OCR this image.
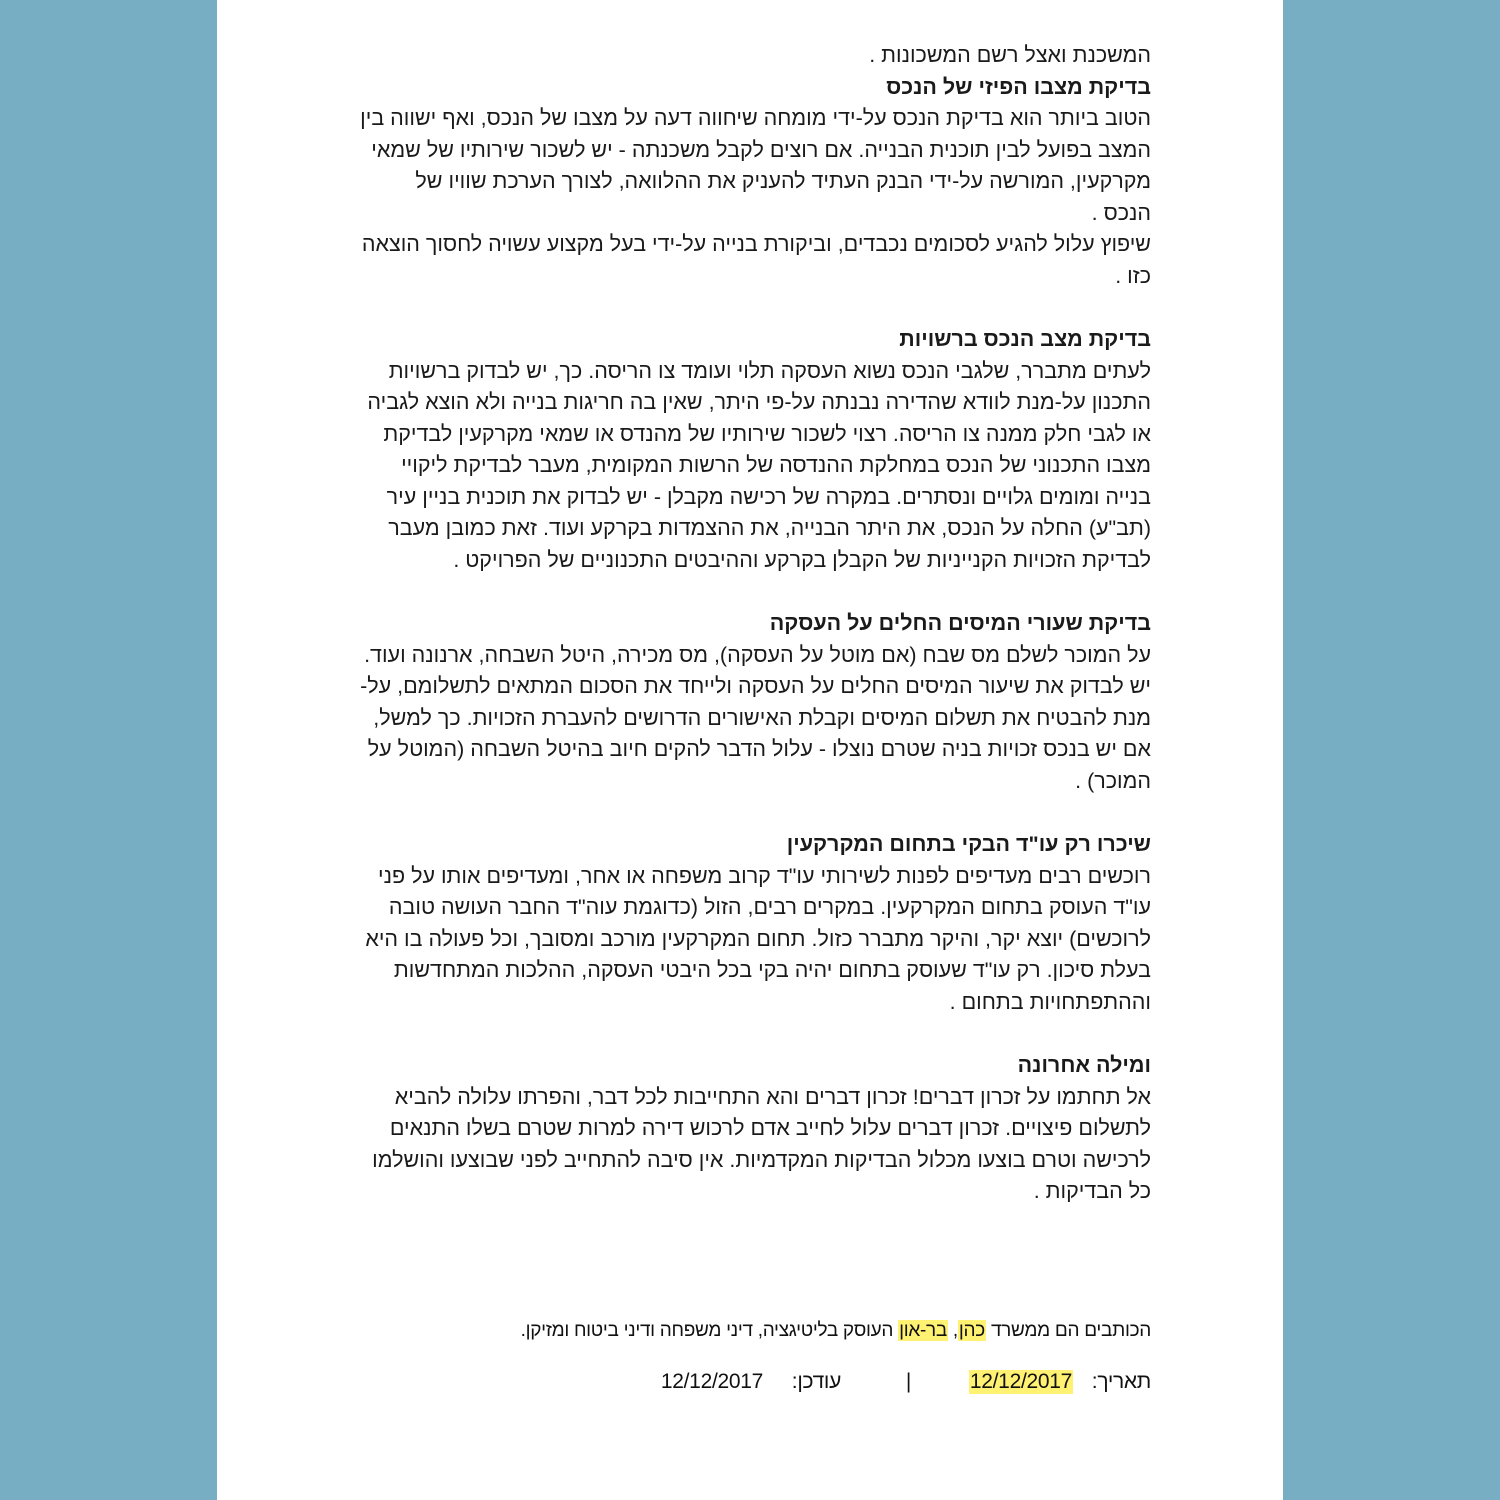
המשכנת ואצל רשם המשכונות .

בדיקת מצבו הפיזי של הנכס

הטוב ביותר הוא בדיקת הנכס על-ידי מומחה שיחווה דעה על מצבו של הנכס, ואף ישווה בין

המצב בפועל לבין תוכנית הבנייה. אם רוצים לקבל משכנתה - יש לשכור שירותיו של שמאי

מקרקעין, המורשה על-ידי הבנק העתיד להעניק את ההלוואה, לצורך הערכת שוויו של

הנכס .

שיפוץ עלול להגיע לסכומים נכבדים, וביקורת בנייה על-ידי בעל מקצוע עשויה לחסוך הוצאה

כזו .

בדיקת מצב הנכס ברשויות

לעתים מתברר, שלגבי הנכס נשוא העסקה תלוי ועומד צו הריסה. כך, יש לבדוק ברשויות

התכנון על-מנת לוודא שהדירה נבנתה על-פי היתר, שאין בה חריגות בנייה ולא הוצא לגביה

או לגבי חלק ממנה צו הריסה. רצוי לשכור שירותיו של מהנדס או שמאי מקרקעין לבדיקת

מצבו התכנוני של הנכס במחלקת ההנדסה של הרשות המקומית, מעבר לבדיקת ליקויי

בנייה ומומים גלויים ונסתרים. במקרה של רכישה מקבלן - יש לבדוק את תוכנית בניין עיר

(תב"ע) החלה על הנכס, את היתר הבנייה, את ההצמדות בקרקע ועוד. זאת כמובן מעבר

לבדיקת הזכויות הקנייניות של הקבלן בקרקע וההיבטים התכנוניים של הפרויקט .

בדיקת שעורי המיסים החלים על העסקה

על המוכר לשלם מס שבח (אם מוטל על העסקה), מס מכירה, היטל השבחה, ארנונה ועוד.

יש לבדוק את שיעור המיסים החלים על העסקה ולייחד את הסכום המתאים לתשלומם, על-

מנת להבטיח את תשלום המיסים וקבלת האישורים הדרושים להעברת הזכויות. כך למשל,

אם יש בנכס זכויות בניה שטרם נוצלו - עלול הדבר להקים חיוב בהיטל השבחה (המוטל על

המוכר) .

שיכרו רק עו"ד הבקי בתחום המקרקעין

רוכשים רבים מעדיפים לפנות לשירותי עו"ד קרוב משפחה או אחר, ומעדיפים אותו על פני

עו"ד העוסק בתחום המקרקעין. במקרים רבים, הזול (כדוגמת עוה"ד החבר העושה טובה

לרוכשים) יוצא יקר, והיקר מתברר כזול. תחום המקרקעין מורכב ומסובך, וכל פעולה בו היא

בעלת סיכון. רק עו"ד שעוסק בתחום יהיה בקי בכל היבטי העסקה, ההלכות המתחדשות

וההתפתחויות בתחום .

ומילה אחרונה

אל תחתמו על זכרון דברים! זכרון דברים והא התחייבות לכל דבר, והפרתו עלולה להביא

לתשלום פיצויים. זכרון דברים עלול לחייב אדם לרכוש דירה למרות שטרם בשלו התנאים

לרכישה וטרם בוצעו מכלול הבדיקות המקדמיות. אין סיבה להתחייב לפני שבוצעו והושלמו

כל הבדיקות .

הכותבים הם ממשרד כהן, בר-און העוסק בליטיגציה, דיני משפחה ודיני ביטוח ומזיקן.
תאריך:
12/12/2017
|
עודכן:
12/12/2017
